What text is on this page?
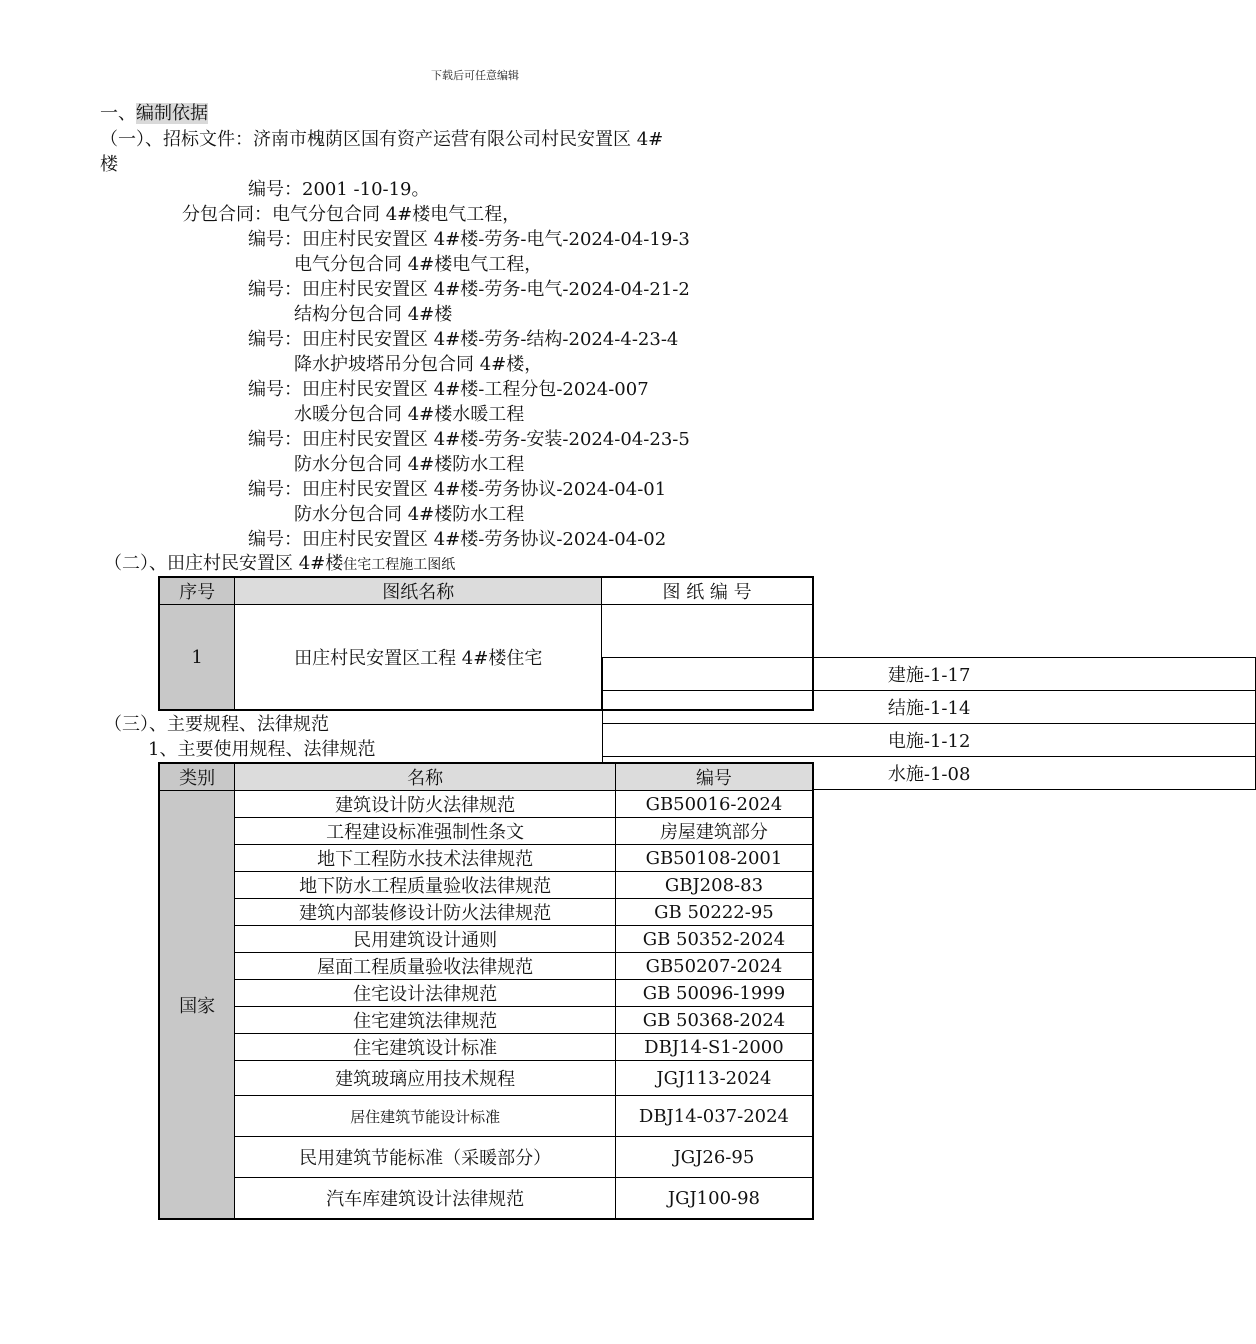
下载后可任意编辑
一、编制依据
（一）、招标文件：济南市槐荫区国有资产运营有限公司村民安置区 4#
楼
编号：2001 -10-19。
分包合同：电气分包合同 4#楼电气工程，
编号：田庄村民安置区 4#楼-劳务-电气-2024-04-19-3
电气分包合同 4#楼电气工程，
编号：田庄村民安置区 4#楼-劳务-电气-2024-04-21-2
结构分包合同 4#楼
编号：田庄村民安置区 4#楼-劳务-结构-2024-4-23-4
降水护坡塔吊分包合同 4#楼，
编号：田庄村民安置区 4#楼-工程分包-2024-007
水暖分包合同 4#楼水暖工程
编号：田庄村民安置区 4#楼-劳务-安装-2024-04-23-5
防水分包合同 4#楼防水工程
编号：田庄村民安置区 4#楼-劳务协议-2024-04-01
防水分包合同 4#楼防水工程
编号：田庄村民安置区 4#楼-劳务协议-2024-04-02
（二）、田庄村民安置区 4#楼住宅工程施工图纸
序号	图纸名称	图 纸 编 号
1	田庄村民安置区工程 4#楼住宅	
建施-1-17
结施-1-14
电施-1-12
水施-1-08
（三）、主要规程、法律规范
1、主要使用规程、法律规范
类别	名称	编号
国家	建筑设计防火法律规范	GB50016-2024
	工程建设标准强制性条文	房屋建筑部分
	地下工程防水技术法律规范	GB50108-2001
	地下防水工程质量验收法律规范	GBJ208-83
	建筑内部装修设计防火法律规范	GB 50222-95
	民用建筑设计通则	GB 50352-2024
	屋面工程质量验收法律规范	GB50207-2024
	住宅设计法律规范	GB 50096-1999
	住宅建筑法律规范	GB 50368-2024
	住宅建筑设计标准	DBJ14-S1-2000
	建筑玻璃应用技术规程	JGJ113-2024
	居住建筑节能设计标准	DBJ14-037-2024
	民用建筑节能标准（采暖部分）	JGJ26-95
	汽车库建筑设计法律规范	JGJ100-98
